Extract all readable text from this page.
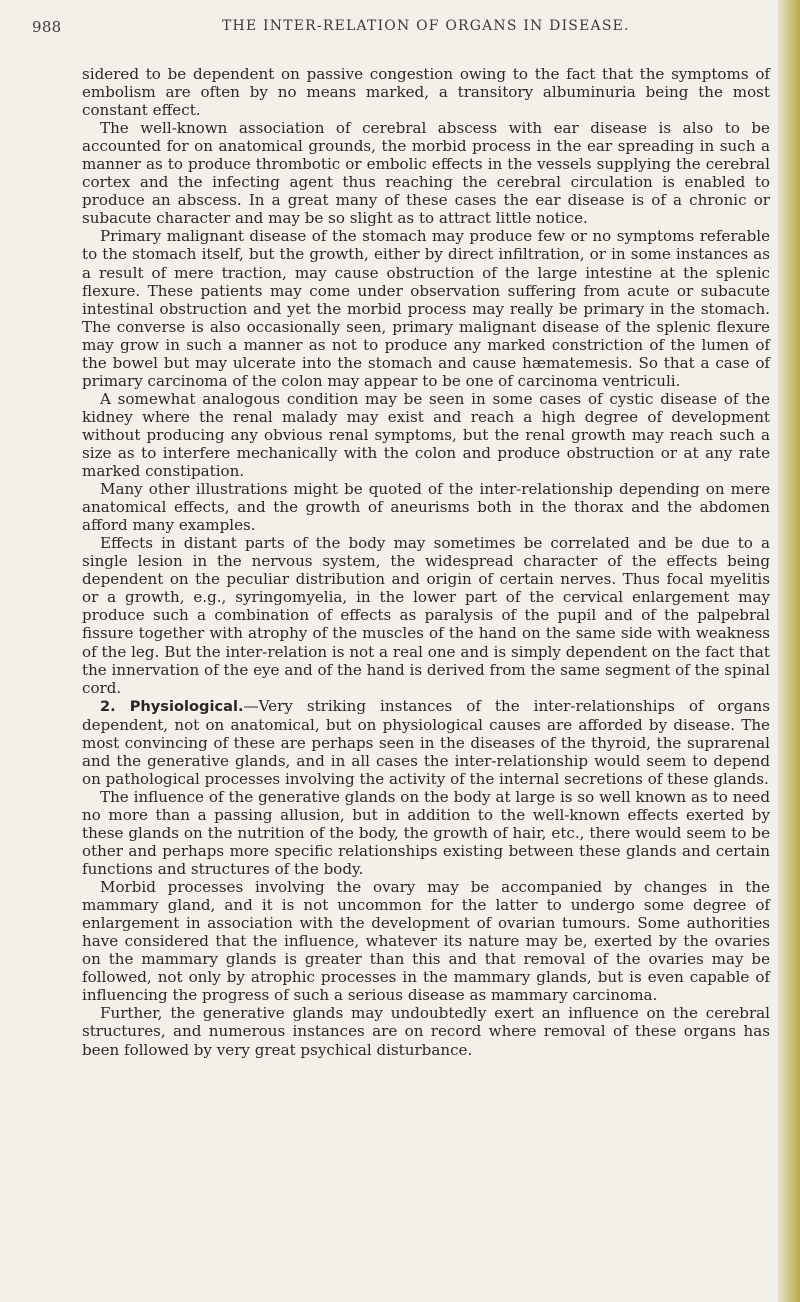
988	THE INTER-RELATION OF ORGANS IN DISEASE.

sidered to be dependent on passive congestion owing to the fact that the symptoms of embolism are often by no means marked, a transitory albuminuria being the most constant effect.

The well-known association of cerebral abscess with ear disease is also to be accounted for on anatomical grounds, the morbid process in the ear spreading in such a manner as to produce thrombotic or embolic effects in the vessels supplying the cerebral cortex and the infecting agent thus reaching the cerebral circulation is enabled to produce an abscess. In a great many of these cases the ear disease is of a chronic or subacute character and may be so slight as to attract little notice.

Primary malignant disease of the stomach may produce few or no symptoms referable to the stomach itself, but the growth, either by direct infiltration, or in some instances as a result of mere traction, may cause obstruction of the large intestine at the splenic flexure. These patients may come under observation suffering from acute or subacute intestinal obstruction and yet the morbid process may really be primary in the stomach. The converse is also occasionally seen, primary malignant disease of the splenic flexure may grow in such a manner as not to produce any marked constriction of the lumen of the bowel but may ulcerate into the stomach and cause hæmatemesis. So that a case of primary carcinoma of the colon may appear to be one of carcinoma ventriculi.

A somewhat analogous condition may be seen in some cases of cystic disease of the kidney where the renal malady may exist and reach a high degree of development without producing any obvious renal symptoms, but the renal growth may reach such a size as to interfere mechanically with the colon and produce obstruction or at any rate marked constipation.

Many other illustrations might be quoted of the inter-relationship depending on mere anatomical effects, and the growth of aneurisms both in the thorax and the abdomen afford many examples.

Effects in distant parts of the body may sometimes be correlated and be due to a single lesion in the nervous system, the widespread character of the effects being dependent on the peculiar distribution and origin of certain nerves. Thus focal myelitis or a growth, e.g., syringomyelia, in the lower part of the cervical enlargement may produce such a combination of effects as paralysis of the pupil and of the palpebral fissure together with atrophy of the muscles of the hand on the same side with weakness of the leg. But the inter-relation is not a real one and is simply dependent on the fact that the innervation of the eye and of the hand is derived from the same segment of the spinal cord.

2. Physiological.—Very striking instances of the inter-relationships of organs dependent, not on anatomical, but on physiological causes are afforded by disease. The most convincing of these are perhaps seen in the diseases of the thyroid, the suprarenal and the generative glands, and in all cases the inter-relationship would seem to depend on pathological processes involving the activity of the internal secretions of these glands.

The influence of the generative glands on the body at large is so well known as to need no more than a passing allusion, but in addition to the well-known effects exerted by these glands on the nutrition of the body, the growth of hair, etc., there would seem to be other and perhaps more specific relationships existing between these glands and certain functions and structures of the body.

Morbid processes involving the ovary may be accompanied by changes in the mammary gland, and it is not uncommon for the latter to undergo some degree of enlargement in association with the development of ovarian tumours. Some authorities have considered that the influence, whatever its nature may be, exerted by the ovaries on the mammary glands is greater than this and that removal of the ovaries may be followed, not only by atrophic processes in the mammary glands, but is even capable of influencing the progress of such a serious disease as mammary carcinoma.

Further, the generative glands may undoubtedly exert an influence on the cerebral structures, and numerous instances are on record where removal of these organs has been followed by very great psychical disturbance.
